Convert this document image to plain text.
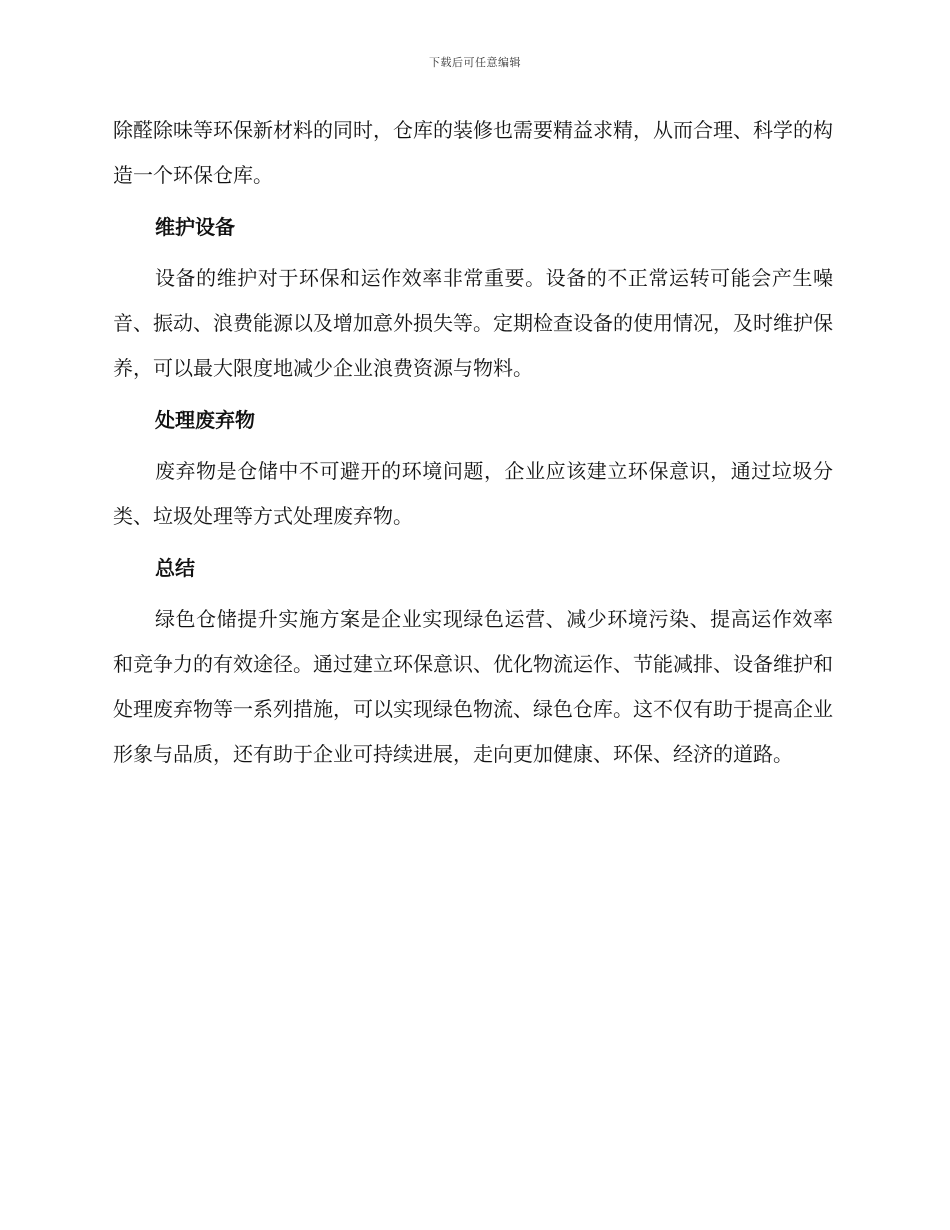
下载后可任意编辑

除醛除味等环保新材料的同时，仓库的装修也需要精益求精，从而合理、科学的构造一个环保仓库。

维护设备

设备的维护对于环保和运作效率非常重要。设备的不正常运转可能会产生噪音、振动、浪费能源以及增加意外损失等。定期检查设备的使用情况，及时维护保养，可以最大限度地减少企业浪费资源与物料。

处理废弃物

废弃物是仓储中不可避开的环境问题，企业应该建立环保意识，通过垃圾分类、垃圾处理等方式处理废弃物。

总结

绿色仓储提升实施方案是企业实现绿色运营、减少环境污染、提高运作效率和竞争力的有效途径。通过建立环保意识、优化物流运作、节能减排、设备维护和处理废弃物等一系列措施，可以实现绿色物流、绿色仓库。这不仅有助于提高企业形象与品质，还有助于企业可持续进展，走向更加健康、环保、经济的道路。
